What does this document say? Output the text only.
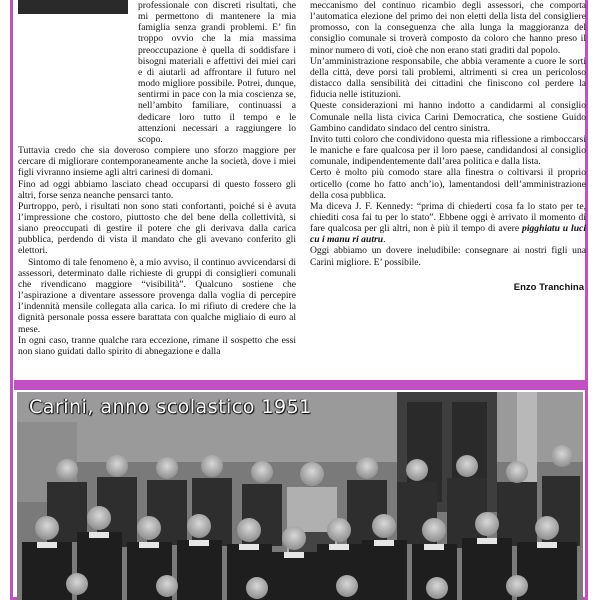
professionale con discreti risultati, che mi permettono di mantenere la mia famiglia senza grandi problemi. E’ fin troppo ovvio che la mia massima preoccupazione è quella di soddisfare i bisogni materiali e affettivi dei miei cari e di aiutarli ad affrontare il futuro nel modo migliore possibile. Potrei, dunque, sentirmi in pace con la mia coscienza se, nell’ambito familiare, continuassi a dedicare loro tutto il tempo e le attenzioni necessari a raggiungere lo scopo.

Tuttavia credo che sia doveroso compiere uno sforzo maggiore per cercare di migliorare contemporaneamente anche la società, dove i miei figli vivranno insieme agli altri carinesi di domani.

Fino ad oggi abbiamo lasciato chead occuparsi di questo fossero gli altri, forse senza neanche pensarci tanto.

Purtroppo, però, i risultati non sono stati confortanti, poiché si è avuta l’impressione che costoro, piuttosto che del bene della collettività, si siano preoccupati di gestire il potere che gli derivava dalla carica pubblica, perdendo di vista il mandato che gli avevano conferito gli elettori.

Sintomo di tale fenomeno è, a mio avviso, il continuo avvicendarsi di assessori, determinato dalle richieste di gruppi di consiglieri comunali che rivendicano maggiore “visibilità”. Qualcuno sostiene che l’aspirazione a diventare assessore provenga dalla voglia di percepire l’indennità mensile collegata alla carica. Io mi rifiuto di credere che la dignità personale possa essere barattata con qualche migliaio di euro al mese.

In ogni caso, tranne qualche rara eccezione, rimane il sospetto che essi non siano guidati dallo spirito di abnegazione e dalla

meccanismo del continuo ricambio degli assessori, che comporta l’automatica elezione del primo dei non eletti della lista del consigliere promosso, con la conseguenza che alla lunga la maggioranza del consiglio comunale si troverà composto da coloro che hanno preso il minor numero di voti, cioè che non erano stati graditi dal popolo.

Un’amministrazione responsabile, che abbia veramente a cuore le sorti della città, deve porsi tali problemi, altrimenti si crea un pericoloso distacco dalla sensibilità dei cittadini che finiscono col perdere la fiducia nelle istituzioni.

Queste considerazioni mi hanno indotto a candidarmi al consiglio Comunale nella lista civica Carini Democratica, che sostiene Guido Gambino candidato sindaco del centro sinistra.

Invito tutti coloro che condividono questa mia riflessione a rimboccarsi le maniche e fare qualcosa per il loro paese, candidandosi al consiglio comunale, indipendentemente dall’area politica e dalla lista.

Certo è molto più comodo stare alla finestra o coltivarsi il proprio orticello (come ho fatto anch’io), lamentandosi dell’amministrazione della cosa pubblica.

Ma diceva J. F. Kennedy: “prima di chiederti cosa fa lo stato per te, chiediti cosa fai tu per lo stato”. Ebbene oggi è arrivato il momento di fare qualcosa per gli altri, non è più il tempo di avere pigghiatu u luci cu i manu ri autru.

Oggi abbiamo un dovere ineludibile: consegnare ai nostri figli una Carini migliore. E’ possibile.

Enzo Tranchina
Carini, anno scolastico 1951
